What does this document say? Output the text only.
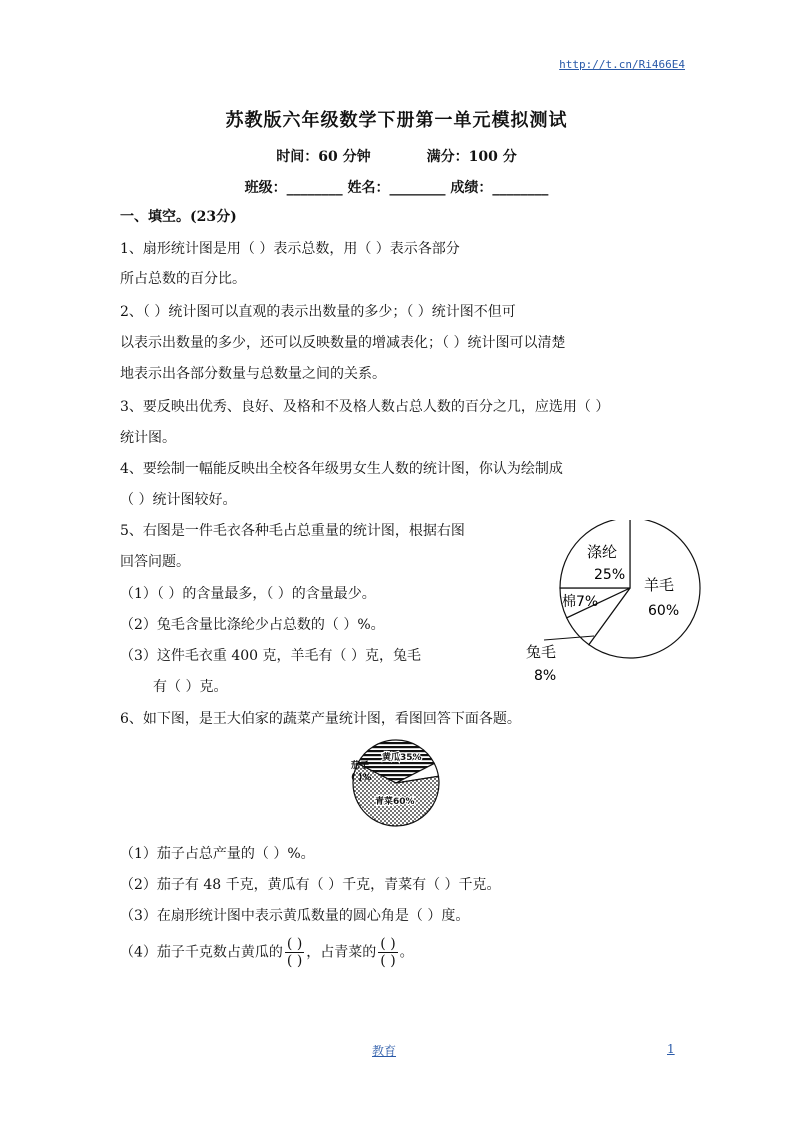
http://t.cn/Ri466E4
苏教版六年级数学下册第一单元模拟测试
时间：60 分钟	满分：100 分
班级：________ 姓名：________ 成绩：________
一、填空。(23分)
1、扇形统计图是用（ ）表示总数，用（ ）表示各部分
所占总数的百分比。
2、（ ）统计图可以直观的表示出数量的多少；（ ）统计图不但可
以表示出数量的多少，还可以反映数量的增减表化；（ ）统计图可以清楚
地表示出各部分数量与总数量之间的关系。
3、要反映出优秀、良好、及格和不及格人数占总人数的百分之几，应选用（ ）
统计图。
4、要绘制一幅能反映出全校各年级男女生人数的统计图，你认为绘制成
（ ）统计图较好。
5、右图是一件毛衣各种毛占总重量的统计图，根据右图
回答问题。
（1）（ ）的含量最多，（ ）的含量最少。
（2）兔毛含量比涤纶少占总数的（ ）%。
（3）这件毛衣重 400 克，羊毛有（ ）克，兔毛
有（ ）克。
涤纶
25%
羊毛
60%
棉7%
兔毛
8%
6、如下图，是王大伯家的蔬菜产量统计图，看图回答下面各题。
黄瓜35%
茄子
( )%
青菜60%
（1）茄子占总产量的（ ）%。
（2）茄子有 48 千克，黄瓜有（ ）千克，青菜有（ ）千克。
（3）在扇形统计图中表示黄瓜数量的圆心角是（ ）度。
（4）茄子千克数占黄瓜的 $\frac{( )}{( )}$ ，占青菜的 $\frac{( )}{( )}$ 。
教育	1
